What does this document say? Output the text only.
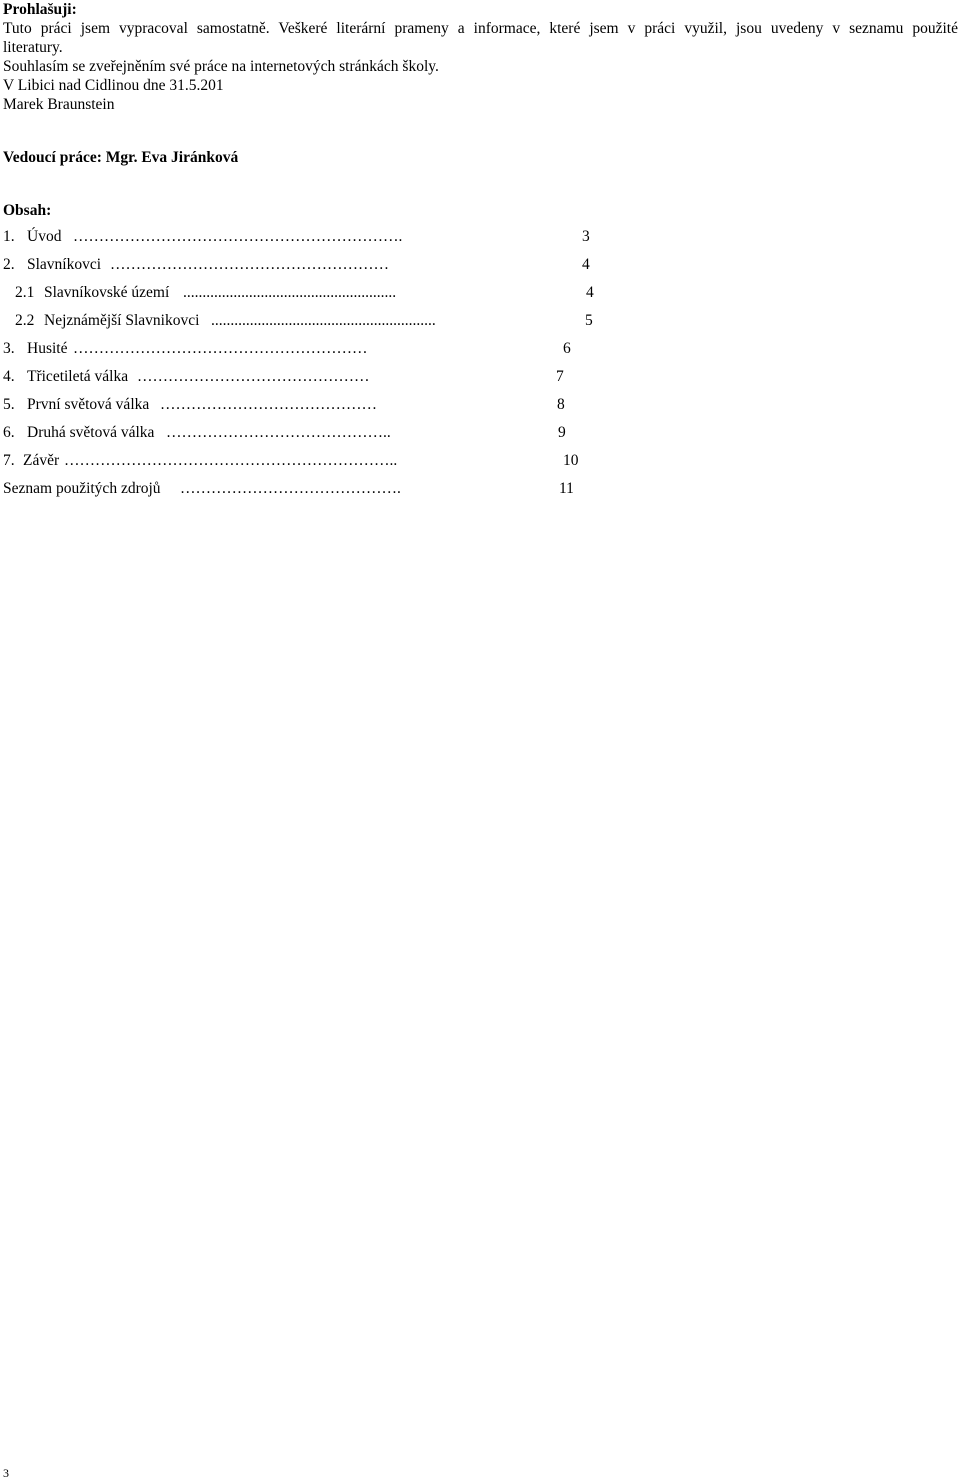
Prohlašuji:
Tuto práci jsem vypracoval samostatně. Veškeré literární prameny a informace, které jsem v práci využil, jsou uvedeny v seznamu použité
literatury.
Souhlasím se zveřejněním své práce na internetových stránkách školy.
V Libici nad Cidlinou dne 31.5.201
Marek Braunstein
Vedoucí práce: Mgr. Eva Jiránková
Obsah:
1. Úvod ……………………………………………………….	3
2. Slavníkovci ………………………………………………	4
2.1 Slavníkovské území .......................................................	4
2.2 Nejznámější Slavnikovci ..........................................................	5
3. Husité …………………………………………………	6
4. Třicetiletá válka ………………………………………	7
5. První světová válka ……………………………………	8
6. Druhá světová válka ……………………………………..	9
7. Závěr ………………………………………………………..	10
Seznam použitých zdrojů …………………………………….	11
3
